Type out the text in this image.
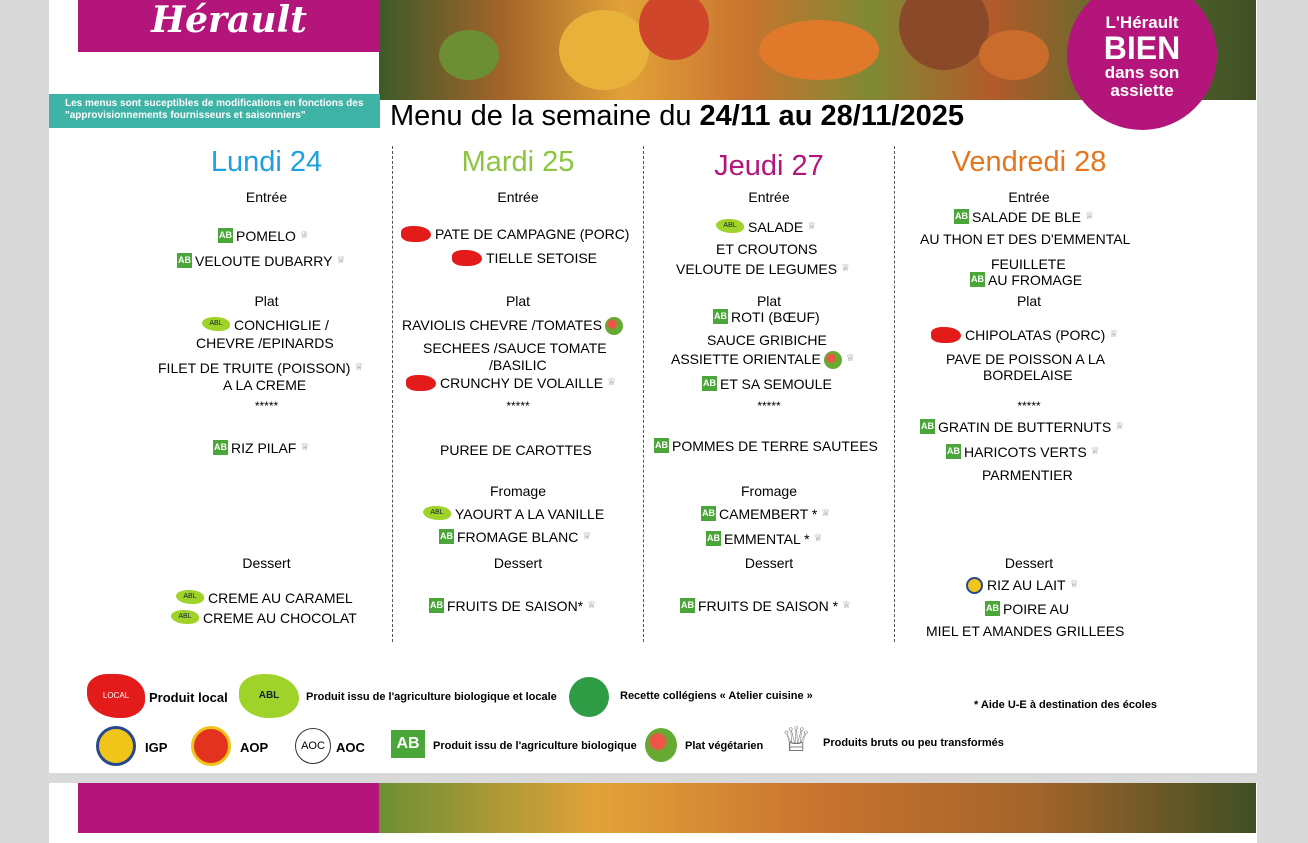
Hérault
Les menus sont suceptibles de modifications en fonctions des "approvisionnements fournisseurs et saisonniers"
L'Hérault
BIEN
dans son
assiette
Menu de la semaine du 24/11 au 28/11/2025
Lundi 24
Entrée
AB POMELO ♕
AB VELOUTE DUBARRY ♕
Plat
ABL CONCHIGLIE /
CHEVRE /EPINARDS
FILET DE TRUITE (POISSON) ♕
A LA CREME
*****
AB RIZ PILAF ♕
Dessert
ABL CREME AU CARAMEL
ABL CREME AU CHOCOLAT
Mardi 25
Entrée
PATE DE CAMPAGNE (PORC)
TIELLE SETOISE
Plat
RAVIOLIS CHEVRE /TOMATES
SECHEES /SAUCE TOMATE
/BASILIC
CRUNCHY DE VOLAILLE ♕
*****
PUREE DE CAROTTES
Fromage
ABL YAOURT A LA VANILLE
AB FROMAGE BLANC ♕
Dessert
AB FRUITS DE SAISON* ♕
Jeudi 27
Entrée
ABL SALADE ♕
ET CROUTONS
VELOUTE DE LEGUMES ♕
Plat
AB ROTI (BŒUF)
SAUCE GRIBICHE
ASSIETTE ORIENTALE	♕
AB ET SA SEMOULE
*****
AB POMMES DE TERRE SAUTEES
Fromage
AB CAMEMBERT * ♕
AB EMMENTAL * ♕
Dessert
AB FRUITS DE SAISON * ♕
Vendredi 28
Entrée
AB SALADE DE BLE ♕
AU THON ET DES D'EMMENTAL
FEUILLETE
AB AU FROMAGE
Plat
CHIPOLATAS (PORC) ♕
PAVE DE POISSON A LA
BORDELAISE
*****
AB GRATIN DE BUTTERNUTS ♕
AB HARICOTS VERTS ♕
PARMENTIER
Dessert
RIZ AU LAIT ♕
AB POIRE AU
MIEL ET AMANDES GRILLEES
LOCAL	Produit local	ABL	Produit issu de l'agriculture biologique et locale	Recette collégiens « Atelier cuisine »
* Aide U-E à destination des écoles
IGP	AOP	AOC AOC	AB	Produit issu de l'agriculture biologique	Plat végétarien ♕ Produits bruts ou peu transformés
